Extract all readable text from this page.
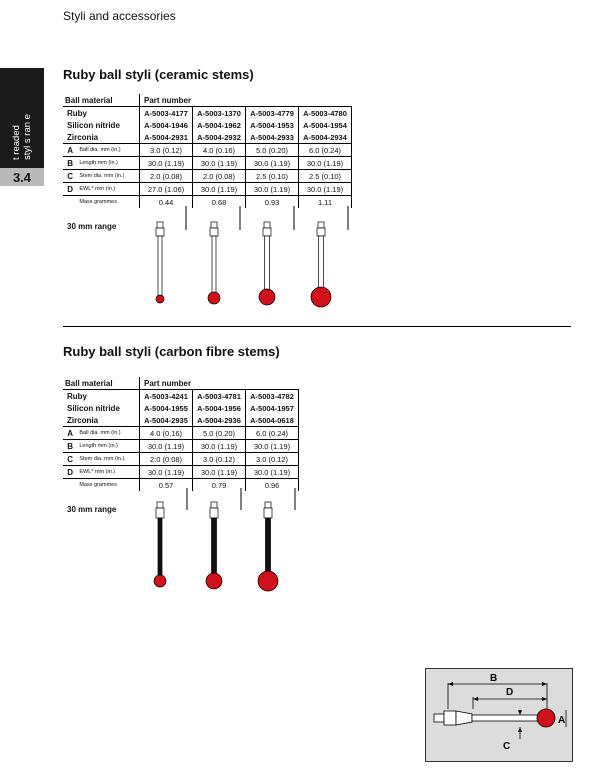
Styli and accessories
t readed styl s ran e
3.4
Ruby ball styli (ceramic stems)
Ball material		Part number			
Ruby		A-5003-4177	A-5003-1370	A-5003-4779	A-5003-4780
Silicon nitride		A-5004-1946	A-5004-1962	A-5004-1953	A-5004-1954
Zirconia		A-5004-2931	A-5004-2932	A-5004-2933	A-5004-2934
A	Ball dia. mm (in.)	3.0 (0.12)	4.0 (0.16)	5.0 (0.20)	6.0 (0.24)
B	Length mm (in.)	30.0 (1.19)	30.0 (1.19)	30.0 (1.19)	30.0 (1.19)
C	Stem dia. mm (in.)	2.0 (0.08)	2.0 (0.08)	2.5 (0.10)	2.5 (0.10)
D	EWL* mm (in.)	27.0 (1.06)	30.0 (1.19)	30.0 (1.19)	30.0 (1.19)
	Mass grammes	0.44	0.68	0.93	1.11
30 mm range
Ruby ball styli (carbon fibre stems)
Ball material		Part number		
Ruby		A-5003-4241	A-5003-4781	A-5003-4782
Silicon nitride		A-5004-1955	A-5004-1956	A-5004-1957
Zirconia		A-5004-2935	A-5004-2936	A-5004-0618
A	Ball dia. mm (in.)	4.0 (0.16)	5.0 (0.20)	6.0 (0.24)
B	Length mm (in.)	30.0 (1.19)	30.0 (1.19)	30.0 (1.19)
C	Stem dia. mm (in.)	2.0 (0.08)	3.0 (0.12)	3.0 (0.12)
D	EWL* mm (in.)	30.0 (1.19)	30.0 (1.19)	30.0 (1.19)
	Mass grammes	0.57	0.79	0.96
30 mm range
B
D
A
C
